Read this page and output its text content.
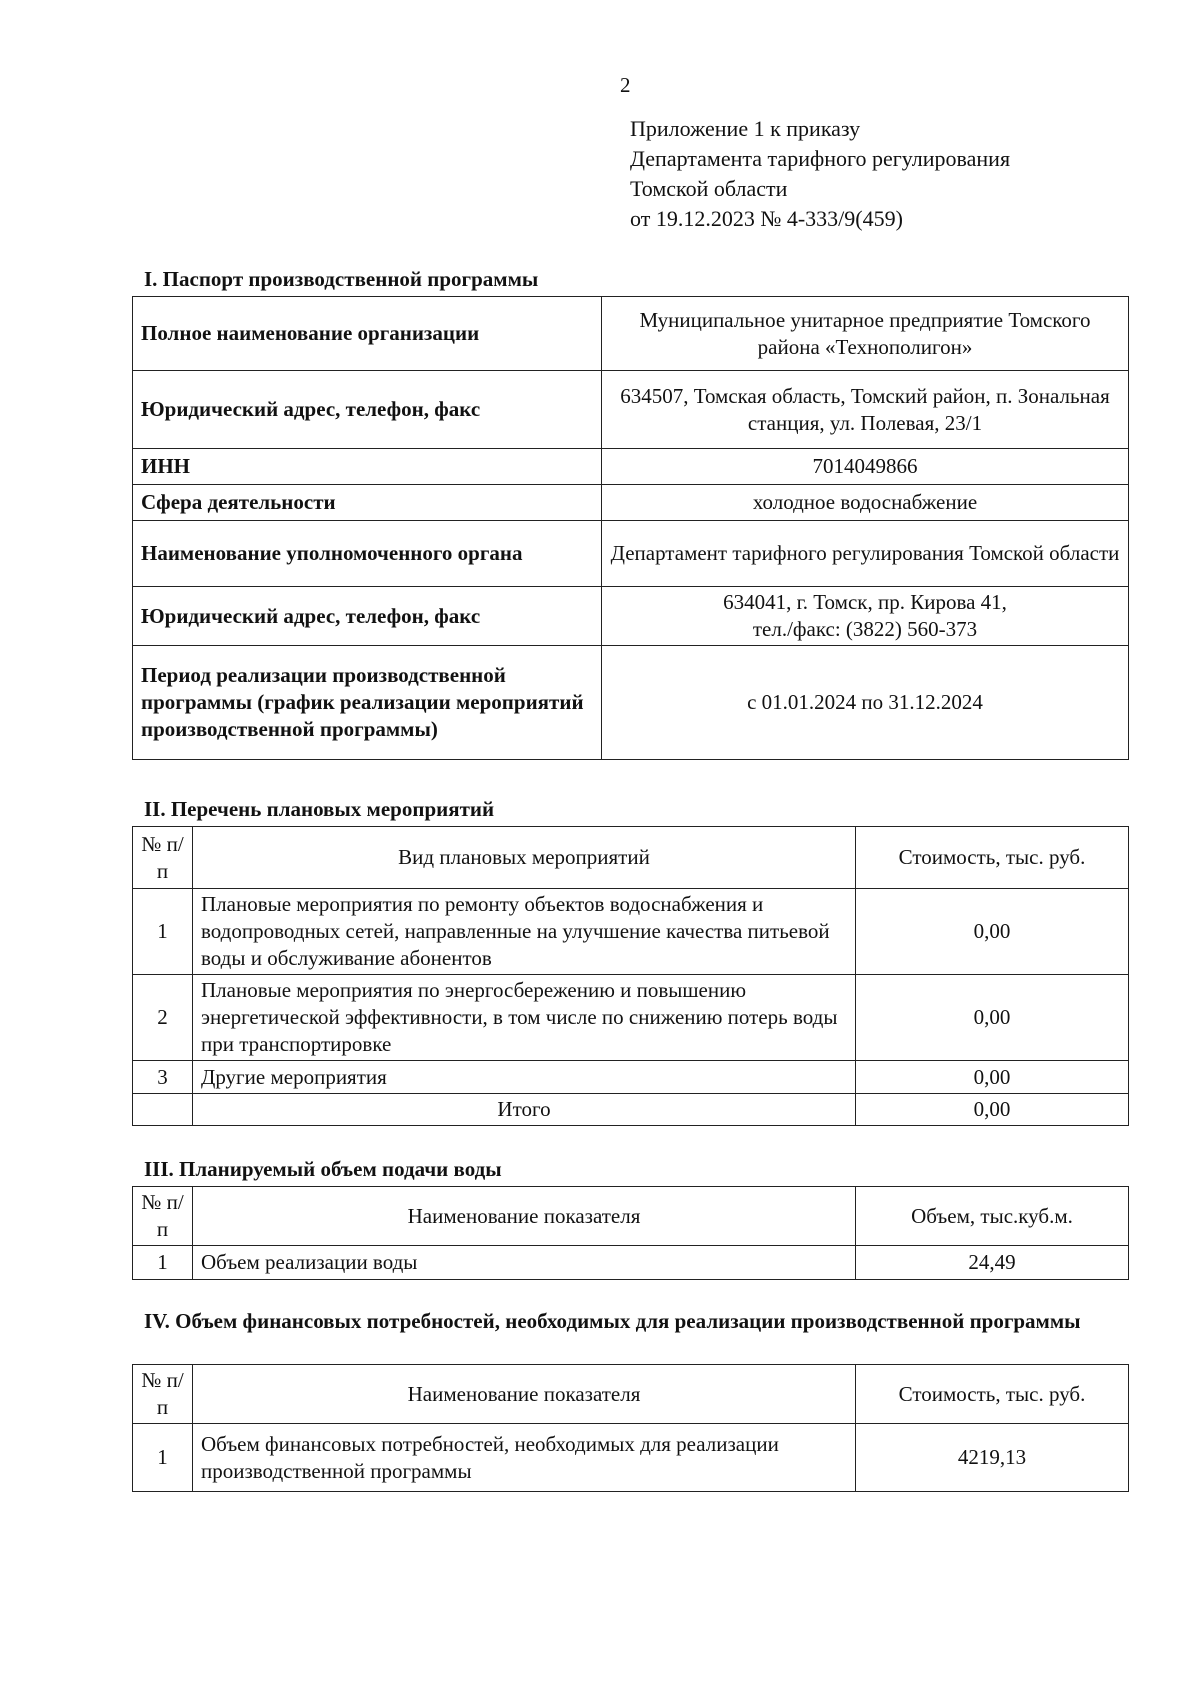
2
Приложение 1 к приказу
Департамента тарифного регулирования
Томской области
от 19.12.2023 № 4-333/9(459)
I. Паспорт производственной программы
Полное наименование организации	Муниципальное унитарное предприятие Томского района «Технополигон»
Юридический адрес, телефон, факс	634507, Томская область, Томский район, п. Зональная станция, ул. Полевая, 23/1
ИНН	7014049866
Сфера деятельности	холодное водоснабжение
Наименование уполномоченного органа	Департамент тарифного регулирования Томской области
Юридический адрес, телефон, факс	634041, г. Томск, пр. Кирова 41,
тел./факс: (3822) 560-373

Период реализации производственной программы (график реализации мероприятий производственной программы)	с 01.01.2024 по 31.12.2024
II. Перечень плановых мероприятий
№ п/п	Вид плановых мероприятий	Стоимость, тыс. руб.
1	Плановые мероприятия по ремонту объектов водоснабжения и водопроводных сетей, направленные на улучшение качества питьевой воды и обслуживание абонентов	0,00
2	Плановые мероприятия по энергосбережению и повышению энергетической эффективности, в том числе по снижению потерь воды при транспортировке	0,00
3	Другие мероприятия	0,00
	Итого	0,00
III. Планируемый объем подачи воды
№ п/п	Наименование показателя	Объем, тыс.куб.м.
1	Объем реализации воды	24,49
IV. Объем финансовых потребностей, необходимых для реализации производственной программы
№ п/п	Наименование показателя	Стоимость, тыс. руб.
1	Объем финансовых потребностей, необходимых для реализации производственной программы	4219,13
